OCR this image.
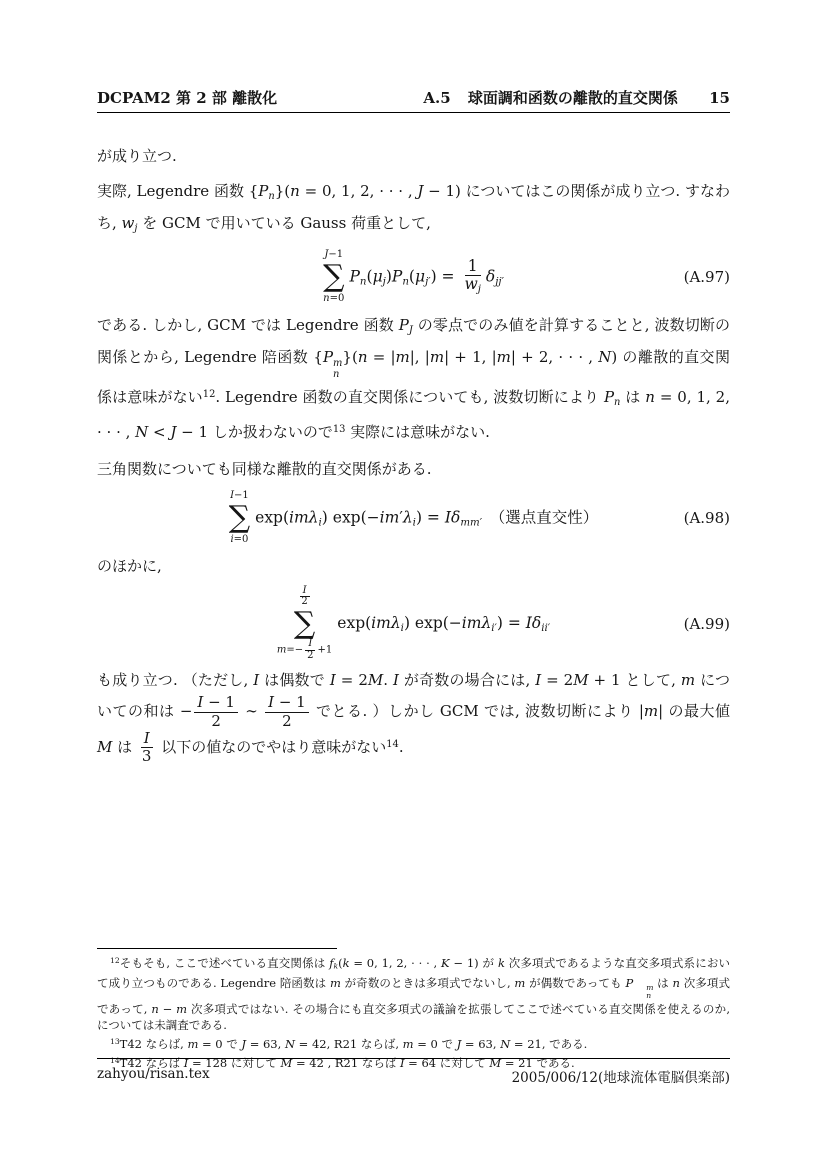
DCPAM2 第 2 部 離散化	A.5 球面調和函数の離散的直交関係 15

が成り立つ.

実際, Legendre 函数 {Pn}(n = 0, 1, 2, · · · , J − 1) についてはこの関係が成り立つ. すなわち, wj を GCM で用いている Gauss 荷重として,

J−1
∑
n=0
$Pn(\mu j)Pn(\mu j') = \frac{1}{wj} \delta jj'$	(A.97)

である. しかし, GCM では Legendre 函数 PJ の零点でのみ値を計算することと, 波数切断の関係とから, Legendre 陪函数 {P m
n
}(n = |m|, |m| + 1, |m| + 2, · · · , N) の離散的直交関係は意味がない$^{12}$. Legendre 函数の直交関係についても, 波数切断により Pn は n = 0, 1, 2, · · · , N < J − 1 しか扱わないので$^{13}$ 実際には意味がない.

三角関数についても同様な離散的直交関係がある.

I−1
∑
i=0
exp(imλi) exp(−im′λi) = Iδmm′　（選点直交性）	(A.98)

のほかに,

$\frac{I}{2}$
∑
$m=- \frac{I}{2} +1$
exp(imλi) exp(−imλi′) = Iδii′	(A.99)

も成り立つ. （ただし, I は偶数で I = 2M. I が奇数の場合には, I = 2M + 1 として, m についての和は − $\frac{I - 1}{2}$ ∼ $\frac{I - 1}{2}$ でとる. ）しかし GCM では, 波数切断により |m| の最大値 M は $\frac{I}{3}$ 以下の値なのでやはり意味がない$^{14}$.

$^{12}$そもそも, ここで述べている直交関係は fk(k = 0, 1, 2, · · · , K − 1) が k 次多項式であるような直交多項式系において成り立つものである. Legendre 陪函数は m が奇数のときは多項式でないし, m が偶数であっても P	m
n
は n 次多項式であって, n − m 次多項式ではない. その場合にも直交多項式の議論を拡張してここで述べている直交関係を使えるのか, については未調査である.

$^{13}$T42 ならば, m = 0 で J = 63, N = 42, R21 ならば, m = 0 で J = 63, N = 21, である.

$^{14}$T42 ならば I = 128 に対して M = 42 , R21 ならば I = 64 に対して M = 21 である.

zahyou/risan.tex	2005/006/12(地球流体電脳倶楽部)
